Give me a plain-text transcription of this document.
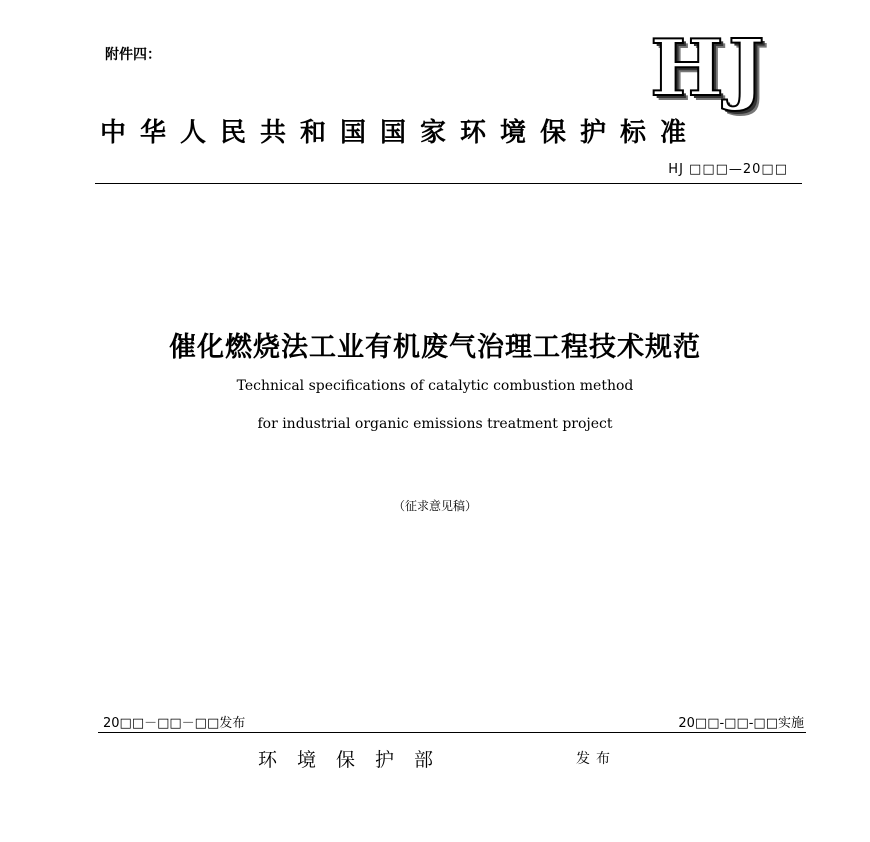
附件四：	HJ
中华人民共和国国家环境保护标准
HJ □□□—20□□
催化燃烧法工业有机废气治理工程技术规范
Technical specifications of catalytic combustion method
for industrial organic emissions treatment project
（征求意见稿）
20□□－□□－□□发布	20□□-□□-□□实施
环境保护部	发布
